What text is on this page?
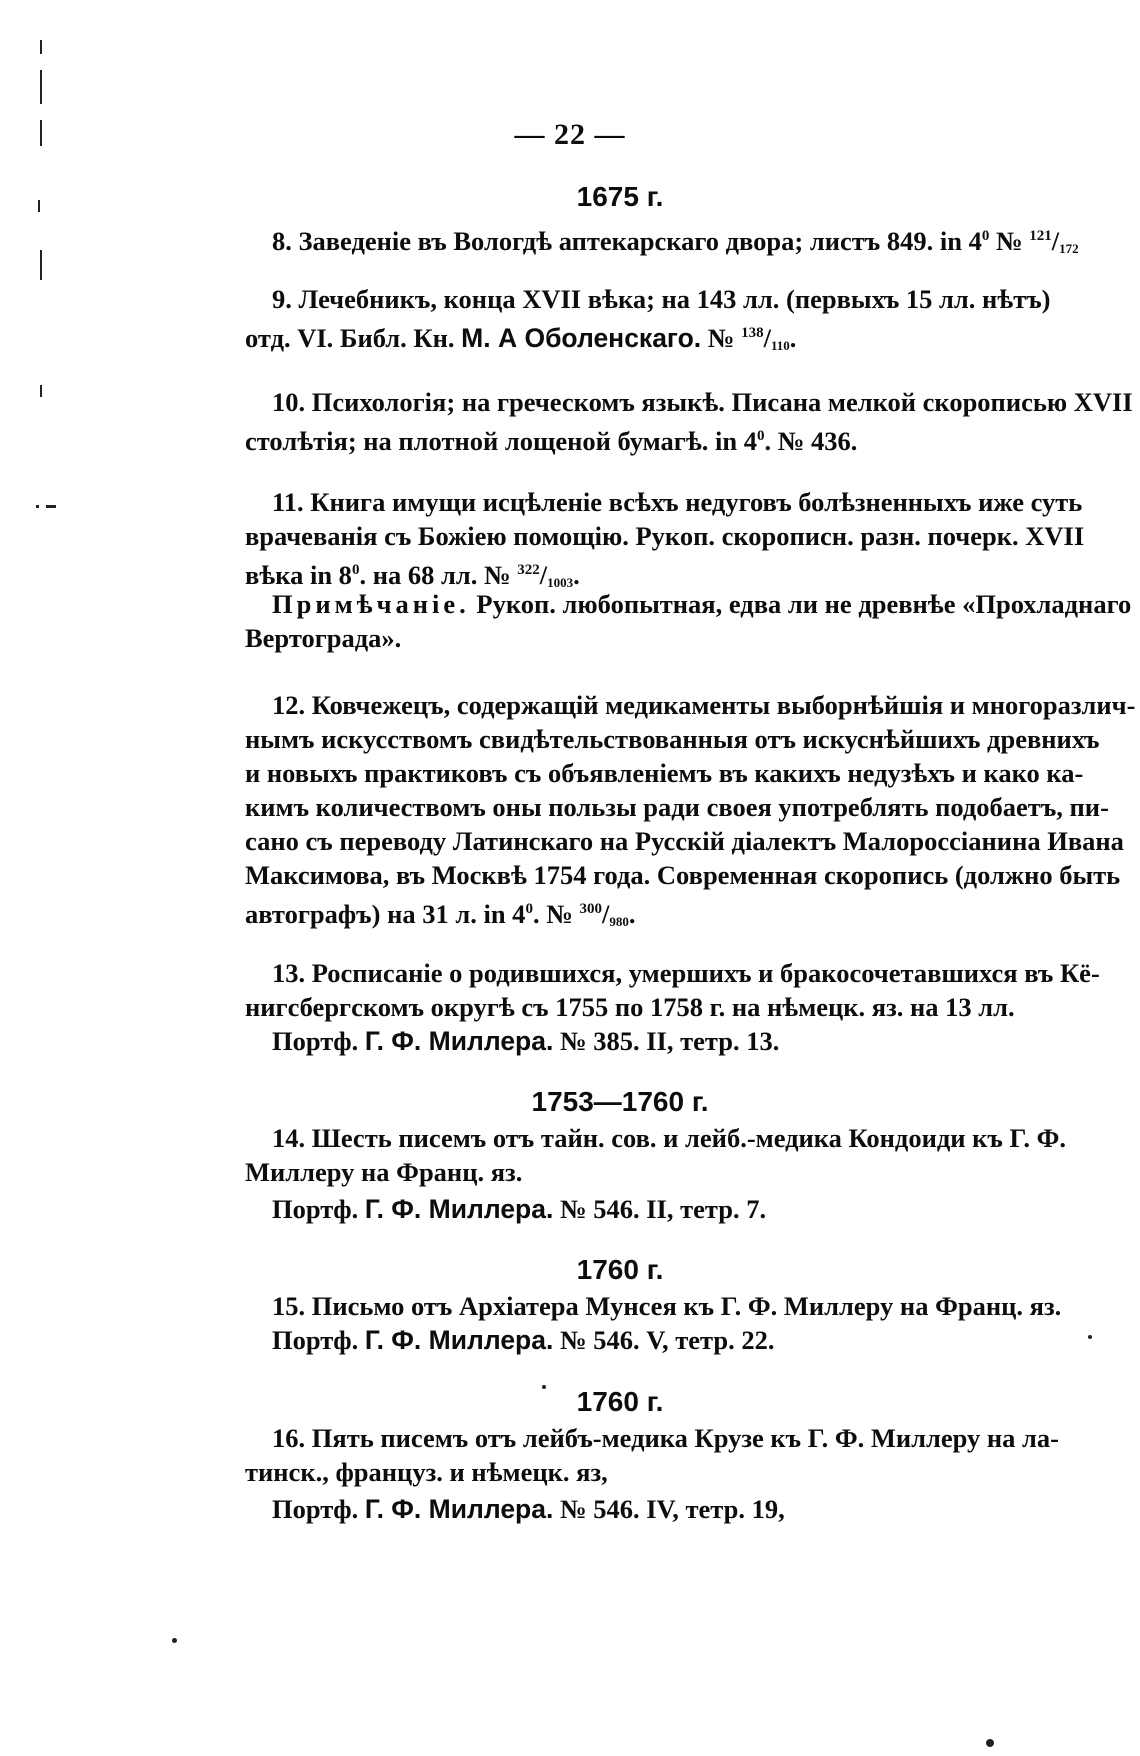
— 22 —
1675 г.
8. Заведеніе въ Вологдѣ аптекарскаго двора; листъ 849. in $4^0$ № $^{121}/_{172}$
9. Лечебникъ, конца XVII вѣка; на 143 лл. (первыхъ 15 лл. нѣтъ)
отд. VI. Библ. Кн. М. А Оболенскаго. № $^{138}/_{110}$.
10. Психологія; на греческомъ языкѣ. Писана мелкой скорописью XVII
столѣтія; на плотной лощеной бумагѣ. in $4^0$. № 436.
11. Книга имущи исцѣленіе всѣхъ недуговъ болѣзненныхъ иже суть
врачеванія съ Божіею помощію. Рукоп. скорописн. разн. почерк. XVII
вѣка in $8^0$. на 68 лл. № $^{322}/_{1003}$.
Примѣчаніе. Рукоп. любопытная, едва ли не древнѣе «Прохладнаго
Вертограда».
12. Ковчежецъ, содержащій медикаменты выборнѣйшія и многоразлич-
нымъ искусствомъ свидѣтельствованныя отъ искуснѣйшихъ древнихъ
и новыхъ практиковъ съ объявленіемъ въ какихъ недузѣхъ и како ка-
кимъ количествомъ оны пользы ради своея употреблять подобаетъ, пи-
сано съ переводу Латинскаго на Русскій діалектъ Малороссіанина Ивана
Максимова, въ Москвѣ 1754 года. Современная скоропись (должно быть
автографъ) на 31 л. in $4^0$. № $^{300}/_{980}$.
13. Росписаніе о родившихся, умершихъ и бракосочетавшихся въ Кё-
нигсбергскомъ округѣ съ 1755 по 1758 г. на нѣмецк. яз. на 13 лл.
Портф. Г. Ф. Миллера. № 385. II, тетр. 13.
1753—1760 г.
14. Шесть писемъ отъ тайн. сов. и лейб.-медика Кондоиди къ Г. Ф.
Миллеру на Франц. яз.
Портф. Г. Ф. Миллера. № 546. II, тетр. 7.
1760 г.
15. Письмо отъ Архіатера Мунсея къ Г. Ф. Миллеру на Франц. яз.
Портф. Г. Ф. Миллера. № 546. V, тетр. 22.
1760 г.
16. Пять писемъ отъ лейбъ-медика Крузе къ Г. Ф. Миллеру на ла-
тинск., француз. и нѣмецк. яз,
Портф. Г. Ф. Миллера. № 546. IV, тетр. 19,
